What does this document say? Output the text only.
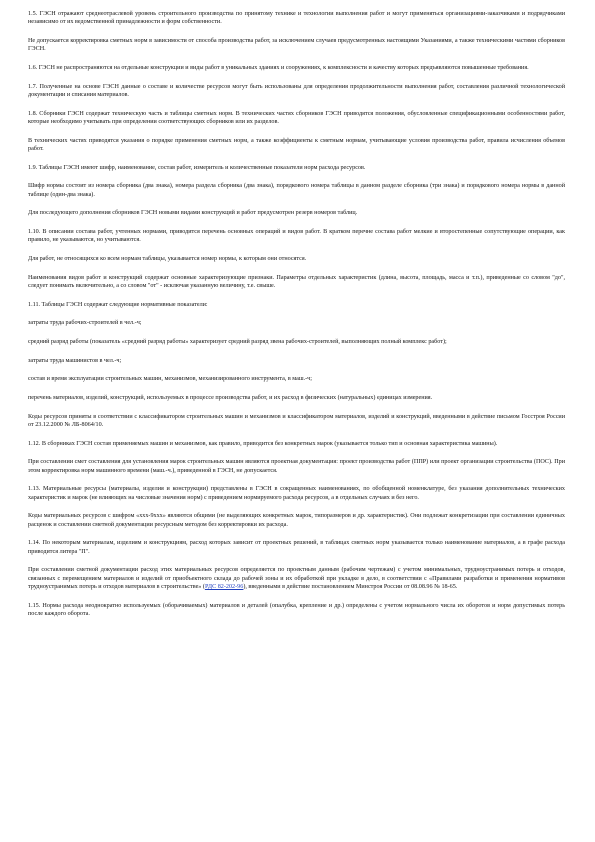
1.5. ГЭСН отражают среднеотраслевой уровень строительного производства по принятому технике и технологии выполнения работ и могут применяться организациями-заказчиками и подрядчиками независимо от их ведомственной принадлежности и форм собственности.

Не допускается корректировка сметных норм в зависимости от способа производства работ, за исключением случаев предусмотренных настоящими Указаниями, а также техническими частями сборников ГЭСН.

1.6. ГЭСН не распространяются на отдельные конструкции и виды работ в уникальных зданиях и сооружениях, к комплексности и качеству которых предъявляются повышенные требования.

1.7. Полученные на основе ГЭСН данные о составе и количестве ресурсов могут быть использованы для определения продолжительности выполнения работ, составления различной технологической документации и списания материалов.

1.8. Сборники ГЭСН содержат техническую часть и таблицы сметных норм. В технических частях сборников ГЭСН приводятся положения, обусловленные спецификационными особенностями работ, которые необходимо учитывать при определении соответствующих сборников или их разделов.

В технических частях приводятся указания о порядке применения сметных норм, а также коэффициенты к сметным нормам, учитывающие условия производства работ, правила исчисления объемов работ.

1.9. Таблицы ГЭСН имеют шифр, наименование, состав работ, измеритель и количественные показатели норм расхода ресурсов.

Шифр нормы состоит из номера сборника (два знака), номера раздела сборника (два знака), порядкового номера таблицы в данном разделе сборника (три знака) и порядкового номера нормы в данной таблице (один-два знака).

Для последующего дополнения сборников ГЭСН новыми видами конструкций и работ предусмотрен резерв номеров таблиц.

1.10. В описании состава работ, учтенных нормами, приводится перечень основных операций и видов работ. В кратком перечне состава работ мелкие и второстепенные сопутствующие операции, как правило, не указываются, но учитываются.

Для работ, не относящихся ко всем нормам таблицы, указывается номер нормы, к которым они относятся.

Наименования видов работ и конструкций содержат основные характеризующие признаки. Параметры отдельных характеристик (длина, высота, площадь, масса и т.п.), приведенные со словом "до", следует понимать включительно, а со словом "от" - исключая указанную величину, т.е. свыше.

1.11. Таблицы ГЭСН содержат следующие нормативные показатели:

затраты труда рабочих-строителей в чел.-ч;

средний разряд работы (показатель «средний разряд работы» характеризует средний разряд звена рабочих-строителей, выполняющих полный комплекс работ);

затраты труда машинистов в чел.-ч;

состав и время эксплуатации строительных машин, механизмов, механизированного инструмента, в маш.-ч;

перечень материалов, изделий, конструкций, используемых в процессе производства работ, и их расход в физических (натуральных) единицах измерения.

Коды ресурсов приняты в соответствии с классификатором строительных машин и механизмов и классификатором материалов, изделий и конструкций, введенными в действие письмом Госстроя России от 23.12.2000 № ЛБ-8064/10.

1.12. В сборниках ГЭСН состав применяемых машин и механизмов, как правило, приводится без конкретных марок (указывается только тип и основная характеристика машины).

При составлении смет составления для установления марок строительных машин являются проектная документация: проект производства работ (ППР) или проект организации строительства (ПОС). При этом корректировка норм машинного времени (маш.-ч.), приведенной в ГЭСН, не допускается.

1.13. Материальные ресурсы (материалы, изделия и конструкции) представлены в ГЭСН в сокращенных наименованиях, по обобщенной номенклатуре, без указания дополнительных технических характеристик и марок (не влияющих на числовые значения норм) с приведением нормируемого расхода ресурсов, а в отдельных случаях и без него.

Коды материальных ресурсов с шифром «ххх-9ххх» являются общими (не выделяющих конкретных марок, типоразмеров и др. характеристик). Они подлежат конкретизации при составлении единичных расценок и составлении сметной документации ресурсным методом без корректировки их расхода.

1.14. По некоторым материалам, изделиям и конструкциям, расход которых зависит от проектных решений, в таблицах сметных норм указывается только наименование материалов, а в графе расхода приводится литера "П".

При составлении сметной документации расход этих материальных ресурсов определяется по проектным данным (рабочим чертежам) с учетом минимальных, трудноустранимых потерь и отходов, связанных с перемещением материалов и изделий от приобъектного склада до рабочей зоны и их обработкой при укладке в дело, в соответствии с «Правилами разработки и применения нормативов трудноустранимых потерь и отходов материалов в строительстве» (РДС 82-202-96), введенными в действие постановлением Минстроя России от 08.08.96 № 18-65.

1.15. Нормы расхода неоднократно используемых (оборачиваемых) материалов и деталей (опалубка, крепление и др.) определены с учетом нормального числа их оборотов и норм допустимых потерь после каждого оборота.
